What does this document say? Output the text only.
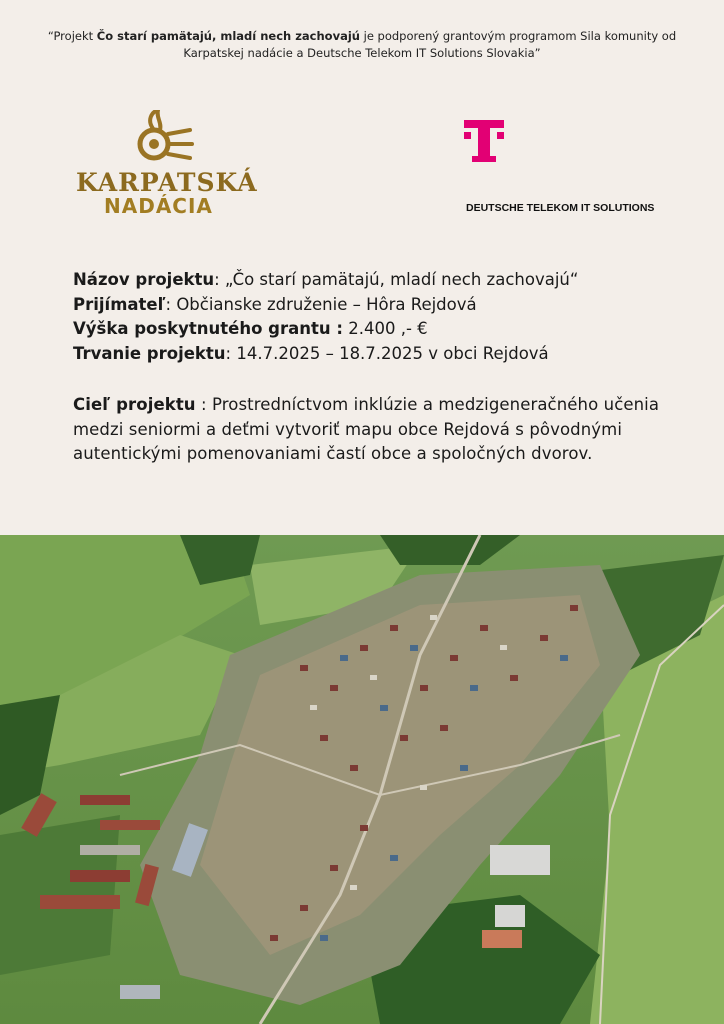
“Projekt Čo starí pamätajú, mladí nech zachovajú je podporený grantovým programom Sila komunity od Karpatskej nadácie a Deutsche Telekom IT Solutions Slovakia”
KARPATSKÁ
NADÁCIA	DEUTSCHE TELEKOM IT SOLUTIONS
Názov projektu: „Čo starí pamätajú, mladí nech zachovajú“
Prijímateľ: Občianske združenie – Hôra Rejdová
Výška poskytnutého grantu : 2.400 ,- €
Trvanie projektu: 14.7.2025 – 18.7.2025 v obci Rejdová
Cieľ projektu : Prostredníctvom inklúzie a medzigeneračného učenia medzi seniormi a deťmi vytvoriť mapu obce Rejdová s pôvodnými autentickými pomenovaniami častí obce a spoločných dvorov.
